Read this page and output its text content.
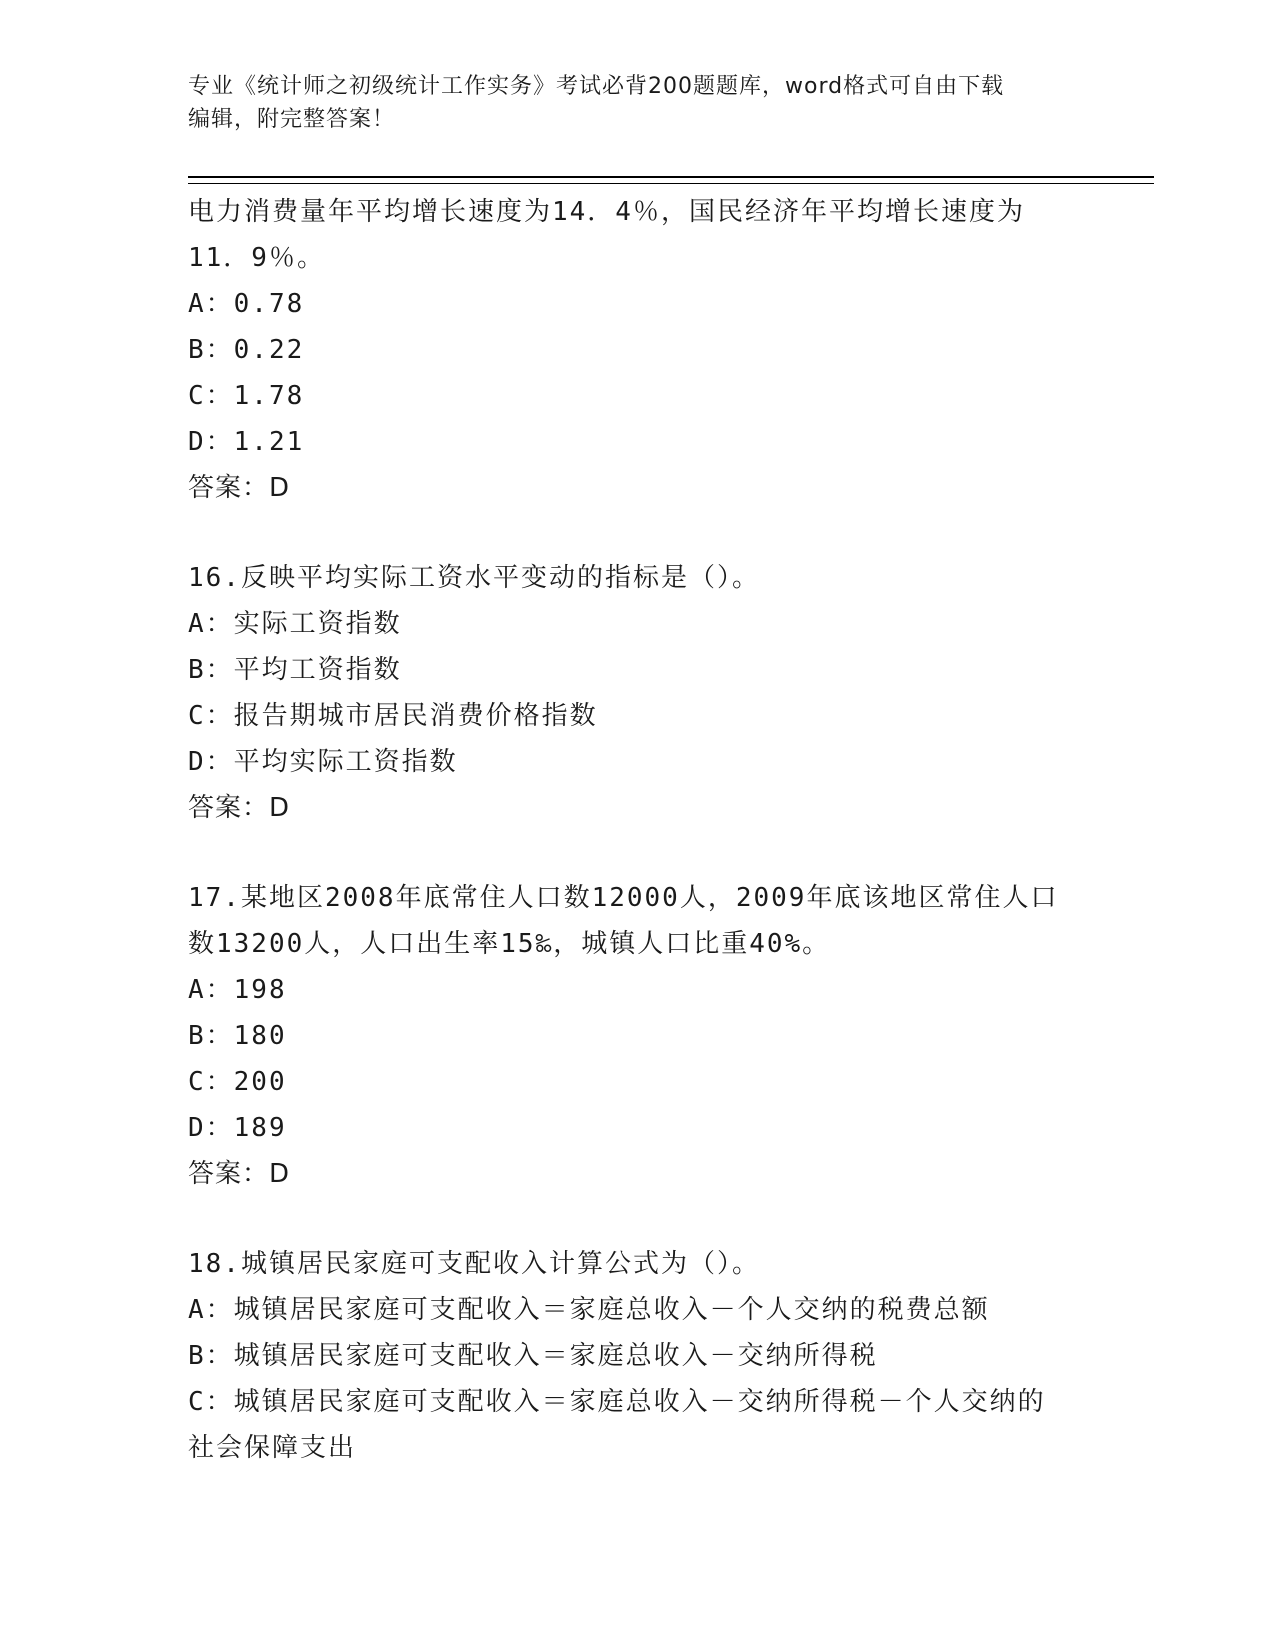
专业《统计师之初级统计工作实务》考试必背200题题库，word格式可自由下载
编辑，附完整答案！
电力消费量年平均增长速度为14．4％，国民经济年平均增长速度为
11．9％。
A：0.78
B：0.22
C：1.78
D：1.21
答案：D
16.反映平均实际工资水平变动的指标是（）。
A：实际工资指数
B：平均工资指数
C：报告期城市居民消费价格指数
D：平均实际工资指数
答案：D
17.某地区2008年底常住人口数12000人，2009年底该地区常住人口
数13200人，人口出生率15‰，城镇人口比重40%。
A：198
B：180
C：200
D：189
答案：D
18.城镇居民家庭可支配收入计算公式为（）。
A：城镇居民家庭可支配收入＝家庭总收入－个人交纳的税费总额
B：城镇居民家庭可支配收入＝家庭总收入－交纳所得税
C：城镇居民家庭可支配收入＝家庭总收入－交纳所得税－个人交纳的
社会保障支出
